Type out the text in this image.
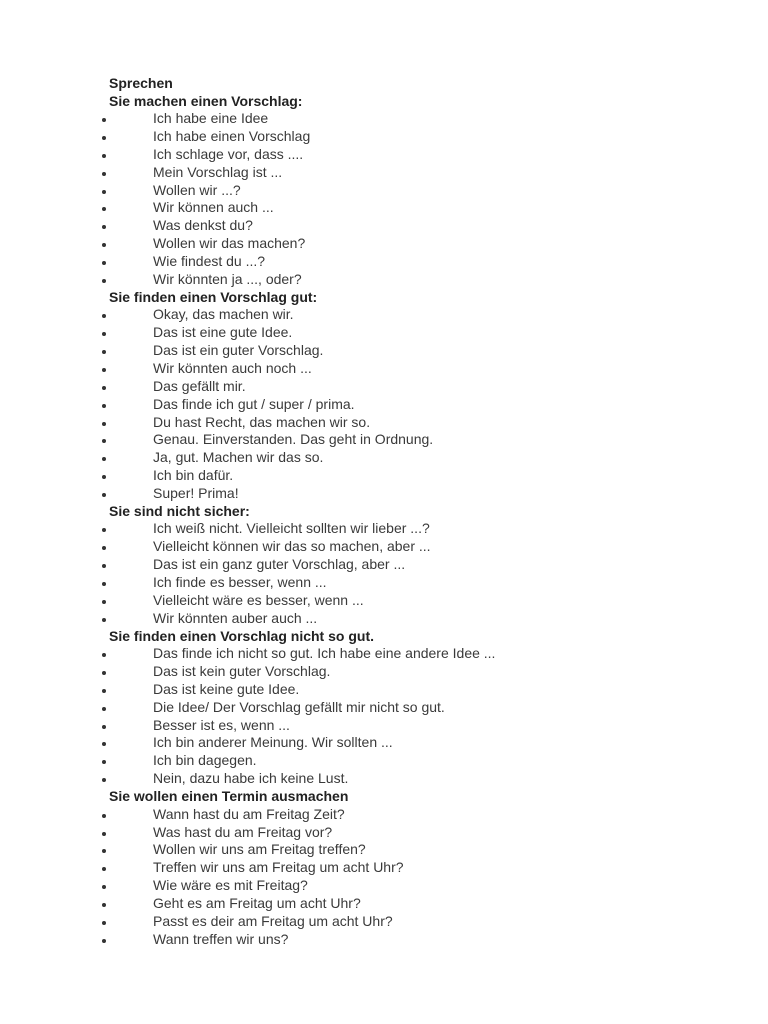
Sprechen
Sie machen einen Vorschlag:
Ich habe eine Idee
Ich habe einen Vorschlag
Ich schlage vor, dass ....
Mein Vorschlag ist ...
Wollen wir ...?
Wir können auch ...
Was denkst du?
Wollen wir das machen?
Wie findest du ...?
Wir könnten ja ..., oder?
Sie finden einen Vorschlag gut:
Okay, das machen wir.
Das ist eine gute Idee.
Das ist ein guter Vorschlag.
Wir könnten auch noch ...
Das gefällt mir.
Das finde ich gut / super / prima.
Du hast Recht, das machen wir so.
Genau. Einverstanden. Das geht in Ordnung.
Ja, gut. Machen wir das so.
Ich bin dafür.
Super! Prima!
Sie sind nicht sicher:
Ich weiß nicht. Vielleicht sollten wir lieber ...?
Vielleicht können wir das so machen, aber ...
Das ist ein ganz guter Vorschlag, aber ...
Ich finde es besser, wenn ...
Vielleicht wäre es besser, wenn ...
Wir könnten auber auch ...
Sie finden einen Vorschlag nicht so gut.
Das finde ich nicht so gut. Ich habe eine andere Idee ...
Das ist kein guter Vorschlag.
Das ist keine gute Idee.
Die Idee/ Der Vorschlag gefällt mir nicht so gut.
Besser ist es, wenn ...
Ich bin anderer Meinung. Wir sollten ...
Ich bin dagegen.
Nein, dazu habe ich keine Lust.
Sie wollen einen Termin ausmachen
Wann hast du am Freitag Zeit?
Was hast du am Freitag vor?
Wollen wir uns am Freitag treffen?
Treffen wir uns am Freitag um acht Uhr?
Wie wäre es mit Freitag?
Geht es am Freitag um acht Uhr?
Passt es deir am Freitag um acht Uhr?
Wann treffen wir uns?
